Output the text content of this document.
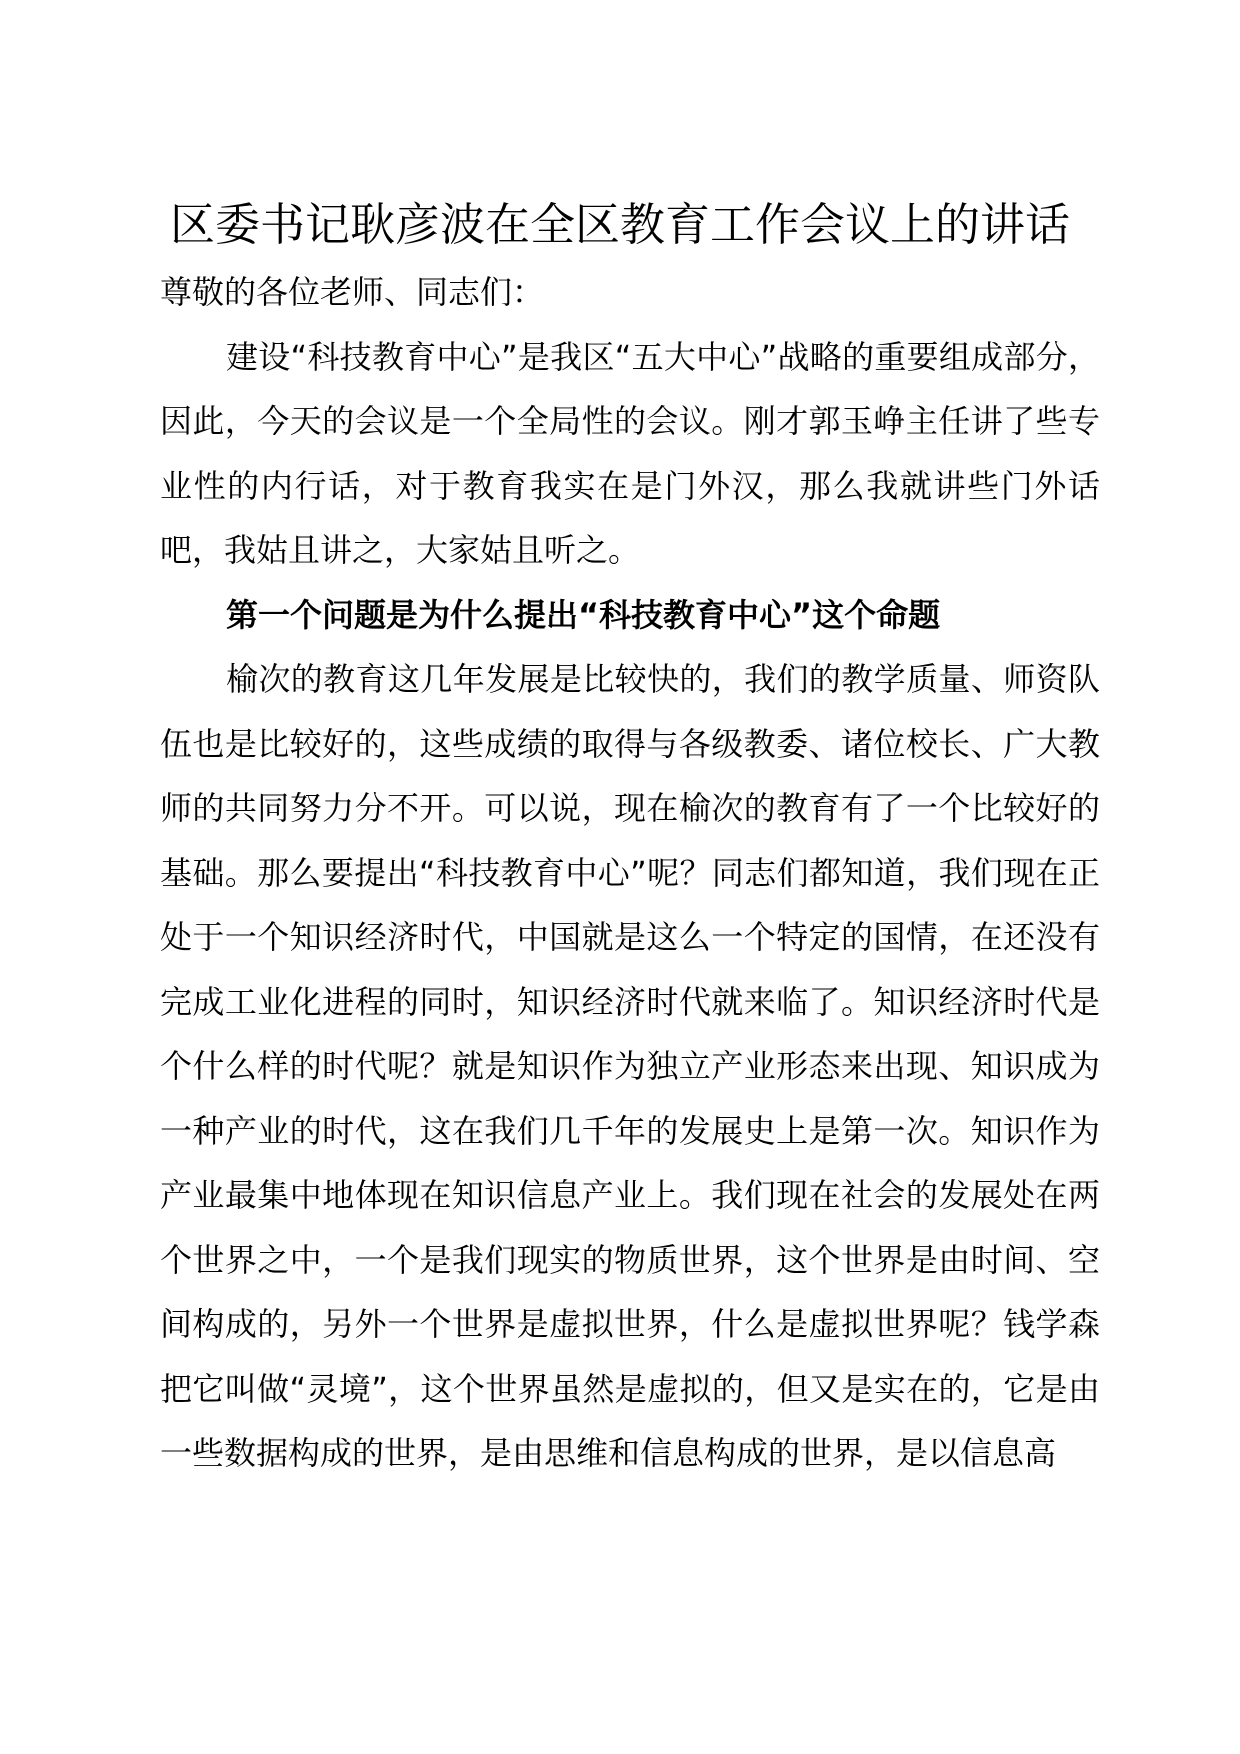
区委书记耿彦波在全区教育工作会议上的讲话

尊敬的各位老师、同志们：

建设“科技教育中心”是我区“五大中心”战略的重要组成部分，因此，今天的会议是一个全局性的会议。刚才郭玉峥主任讲了些专业性的内行话，对于教育我实在是门外汉，那么我就讲些门外话吧，我姑且讲之，大家姑且听之。

第一个问题是为什么提出“科技教育中心”这个命题

榆次的教育这几年发展是比较快的，我们的教学质量、师资队伍也是比较好的，这些成绩的取得与各级教委、诸位校长、广大教师的共同努力分不开。可以说，现在榆次的教育有了一个比较好的基础。那么要提出“科技教育中心”呢？同志们都知道，我们现在正处于一个知识经济时代，中国就是这么一个特定的国情，在还没有完成工业化进程的同时，知识经济时代就来临了。知识经济时代是个什么样的时代呢？就是知识作为独立产业形态来出现、知识成为一种产业的时代，这在我们几千年的发展史上是第一次。知识作为产业最集中地体现在知识信息产业上。我们现在社会的发展处在两个世界之中，一个是我们现实的物质世界，这个世界是由时间、空间构成的，另外一个世界是虚拟世界，什么是虚拟世界呢？钱学森把它叫做“灵境”，这个世界虽然是虚拟的，但又是实在的，它是由一些数据构成的世界，是由思维和信息构成的世界，是以信息高
